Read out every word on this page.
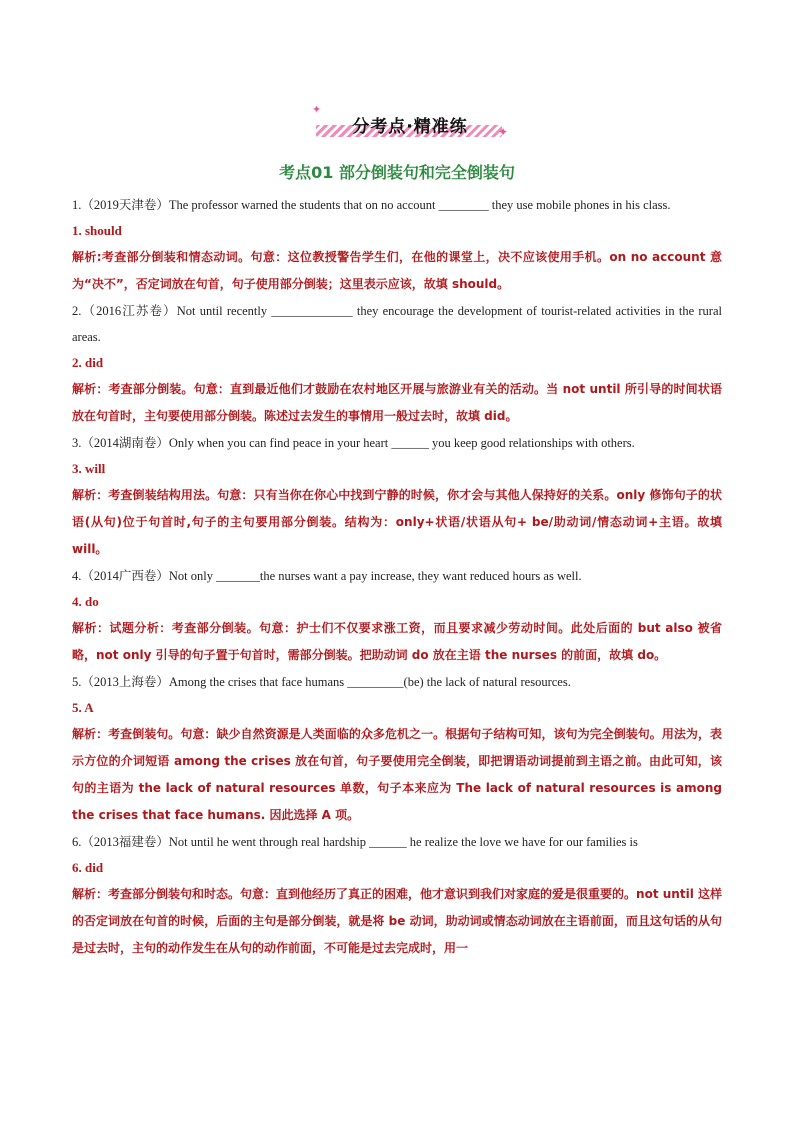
✦
分考点·精准练	✦
考点01 部分倒装句和完全倒装句

1.（2019天津卷）The professor warned the students that on no account ________ they use mobile phones in his class.

1. should

解析:考查部分倒装和情态动词。句意：这位教授警告学生们，在他的课堂上，决不应该使用手机。on no account 意为“决不”，否定词放在句首，句子使用部分倒装；这里表示应该，故填 should。

2.（2016江苏卷）Not until recently _____________ they encourage the development of tourist-related activities in the rural areas.

2. did

解析：考查部分倒装。句意：直到最近他们才鼓励在农村地区开展与旅游业有关的活动。当 not until 所引导的时间状语放在句首时，主句要使用部分倒装。陈述过去发生的事情用一般过去时，故填 did。

3.（2014湖南卷）Only when you can find peace in your heart ______ you keep good relationships with others.

3. will

解析：考查倒装结构用法。句意：只有当你在你心中找到宁静的时候，你才会与其他人保持好的关系。only 修饰句子的状语(从句)位于句首时,句子的主句要用部分倒装。结构为：only+状语/状语从句+ be/助动词/情态动词+主语。故填 will。

4.（2014广西卷）Not only _______the nurses want a pay increase, they want reduced hours as well.

4. do

解析：试题分析：考查部分倒装。句意：护士们不仅要求涨工资，而且要求减少劳动时间。此处后面的 but also 被省略，not only 引导的句子置于句首时，需部分倒装。把助动词 do 放在主语 the nurses 的前面，故填 do。

5.（2013上海卷）Among the crises that face humans _________(be) the lack of natural resources.

5. A

解析：考查倒装句。句意：缺少自然资源是人类面临的众多危机之一。根据句子结构可知，该句为完全倒装句。用法为，表示方位的介词短语 among the crises 放在句首，句子要使用完全倒装，即把谓语动词提前到主语之前。由此可知，该句的主语为 the lack of natural resources 单数，句子本来应为 The lack of natural resources is among the crises that face humans. 因此选择 A 项。

6.（2013福建卷）Not until he went through real hardship ______ he realize the love we have for our families is

6. did

解析：考查部分倒装句和时态。句意：直到他经历了真正的困难，他才意识到我们对家庭的爱是很重要的。not until 这样的否定词放在句首的时候，后面的主句是部分倒装，就是将 be 动词，助动词或情态动词放在主语前面，而且这句话的从句是过去时，主句的动作发生在从句的动作前面，不可能是过去完成时，用一
